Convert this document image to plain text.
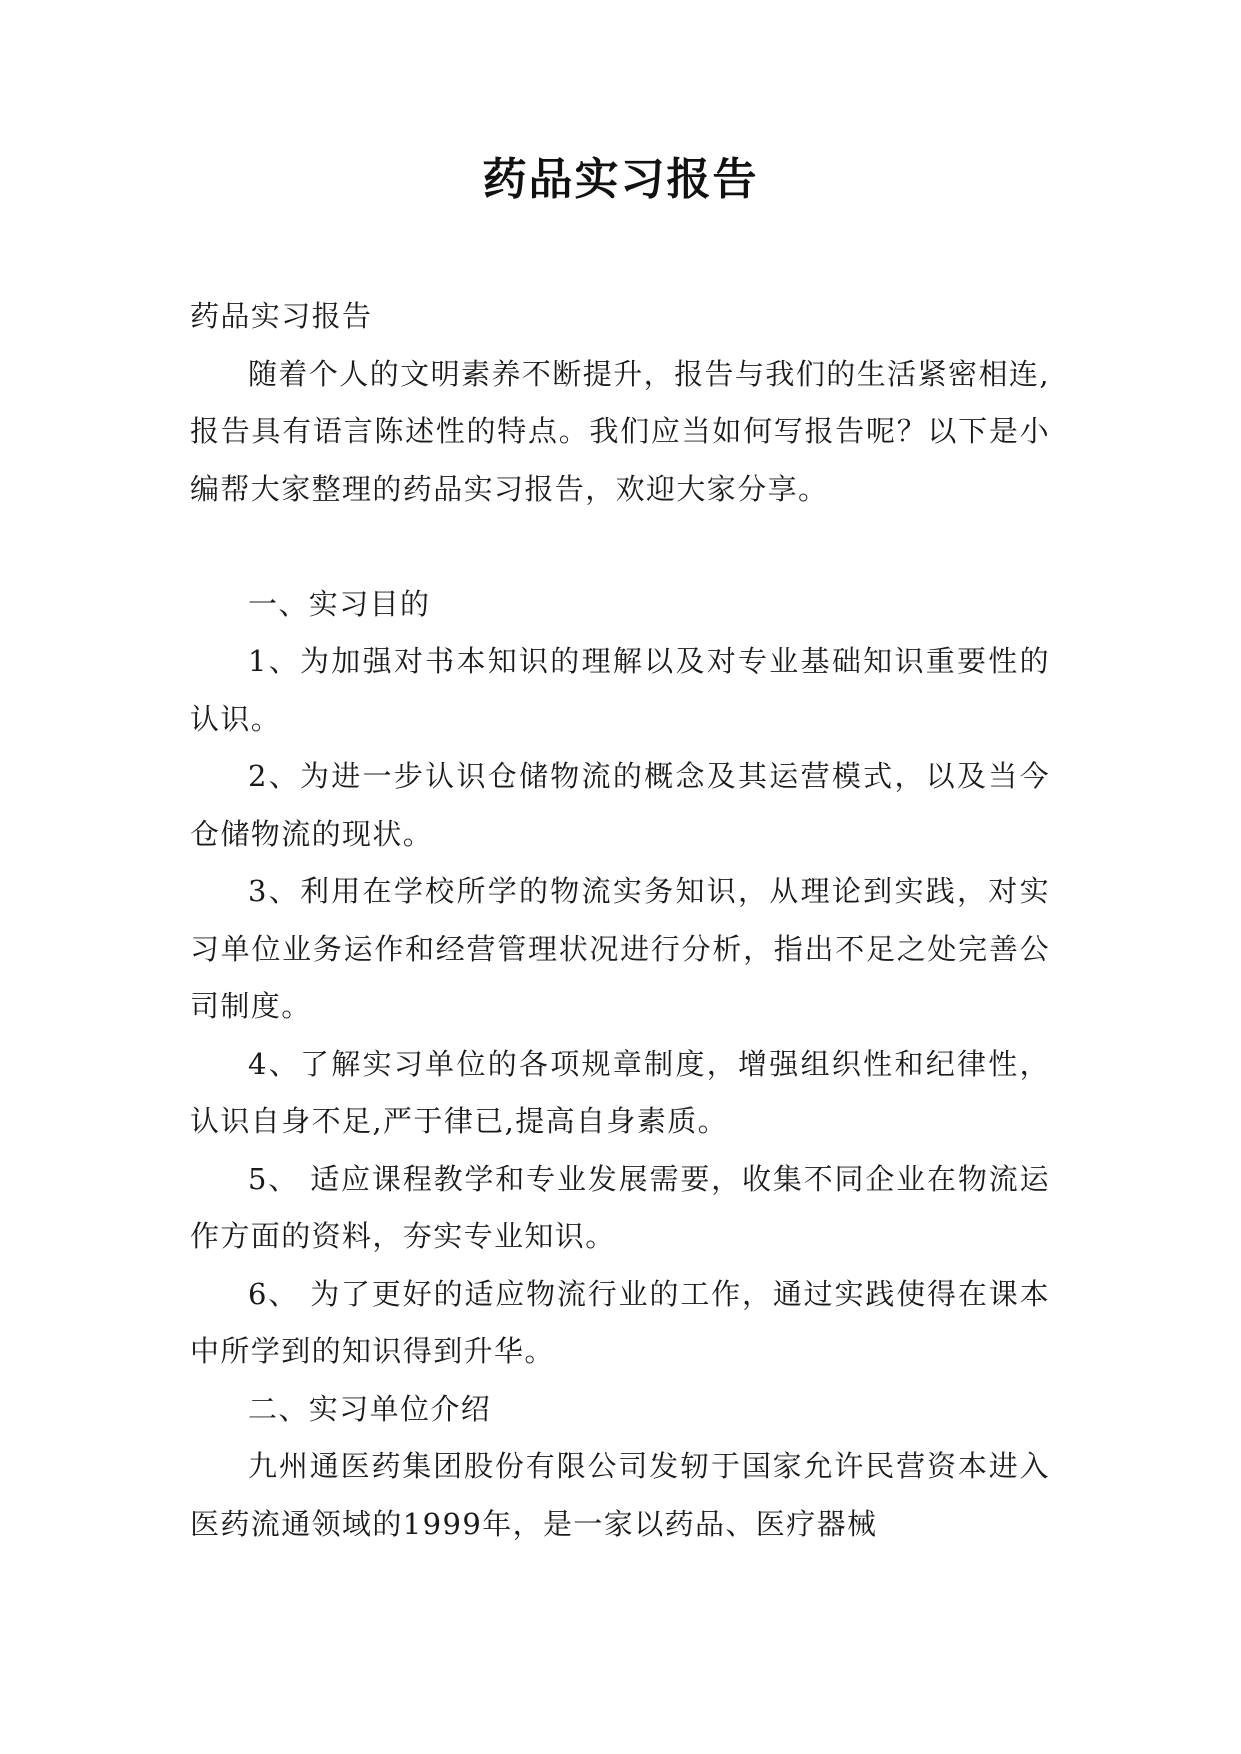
药品实习报告

药品实习报告

随着个人的文明素养不断提升，报告与我们的生活紧密相连,报告具有语言陈述性的特点。我们应当如何写报告呢？以下是小编帮大家整理的药品实习报告，欢迎大家分享。

一、实习目的

1、为加强对书本知识的理解以及对专业基础知识重要性的认识。

2、为进一步认识仓储物流的概念及其运营模式，以及当今仓储物流的现状。

3、利用在学校所学的物流实务知识，从理论到实践，对实习单位业务运作和经营管理状况进行分析，指出不足之处完善公司制度。

4、了解实习单位的各项规章制度，增强组织性和纪律性，认识自身不足,严于律已,提高自身素质。

5、 适应课程教学和专业发展需要，收集不同企业在物流运作方面的资料，夯实专业知识。

6、 为了更好的适应物流行业的工作，通过实践使得在课本中所学到的知识得到升华。

二、实习单位介绍

九州通医药集团股份有限公司发轫于国家允许民营资本进入医药流通领域的1999年，是一家以药品、医疗器械
